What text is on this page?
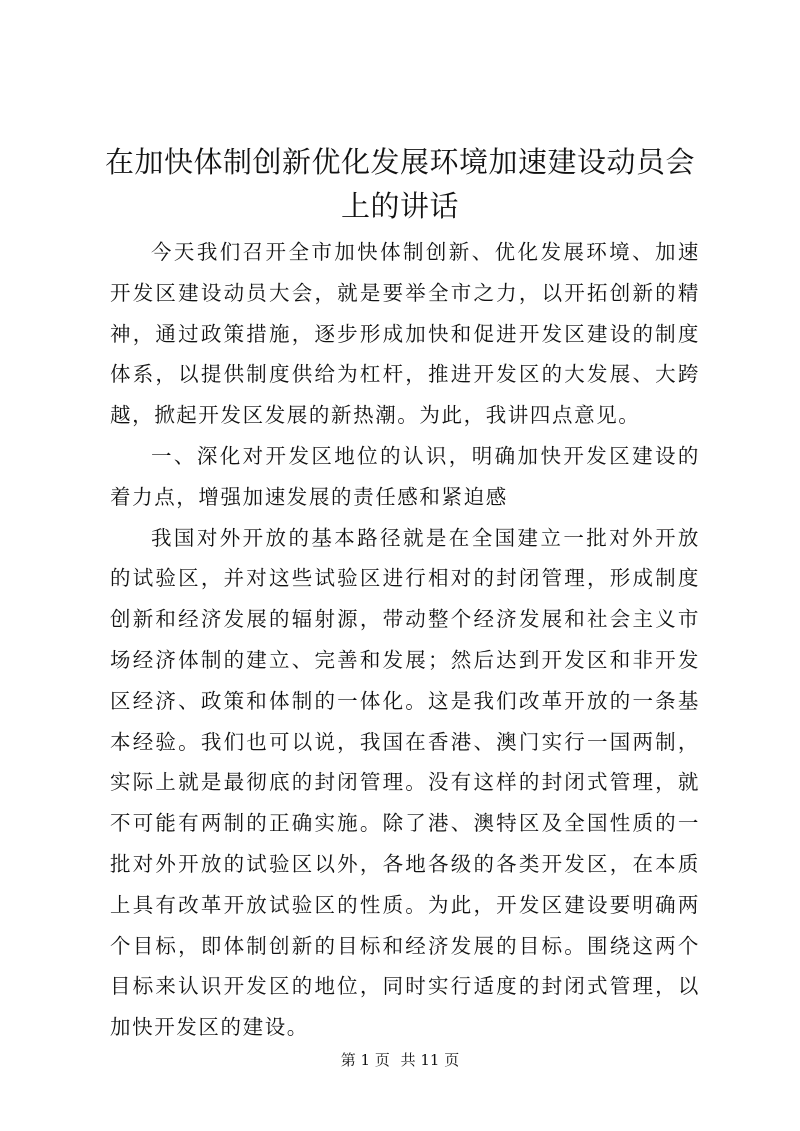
在加快体制创新优化发展环境加速建设动员会
上的讲话

今天我们召开全市加快体制创新、优化发展环境、加速开发区建设动员大会，就是要举全市之力，以开拓创新的精神，通过政策措施，逐步形成加快和促进开发区建设的制度体系，以提供制度供给为杠杆，推进开发区的大发展、大跨越，掀起开发区发展的新热潮。为此，我讲四点意见。

一、深化对开发区地位的认识，明确加快开发区建设的着力点，增强加速发展的责任感和紧迫感

我国对外开放的基本路径就是在全国建立一批对外开放的试验区，并对这些试验区进行相对的封闭管理，形成制度创新和经济发展的辐射源，带动整个经济发展和社会主义市场经济体制的建立、完善和发展；然后达到开发区和非开发区经济、政策和体制的一体化。这是我们改革开放的一条基本经验。我们也可以说，我国在香港、澳门实行一国两制，实际上就是最彻底的封闭管理。没有这样的封闭式管理，就不可能有两制的正确实施。除了港、澳特区及全国性质的一批对外开放的试验区以外，各地各级的各类开发区，在本质上具有改革开放试验区的性质。为此，开发区建设要明确两个目标，即体制创新的目标和经济发展的目标。围绕这两个目标来认识开发区的地位，同时实行适度的封闭式管理，以加快开发区的建设。

第 1 页 共 11 页
